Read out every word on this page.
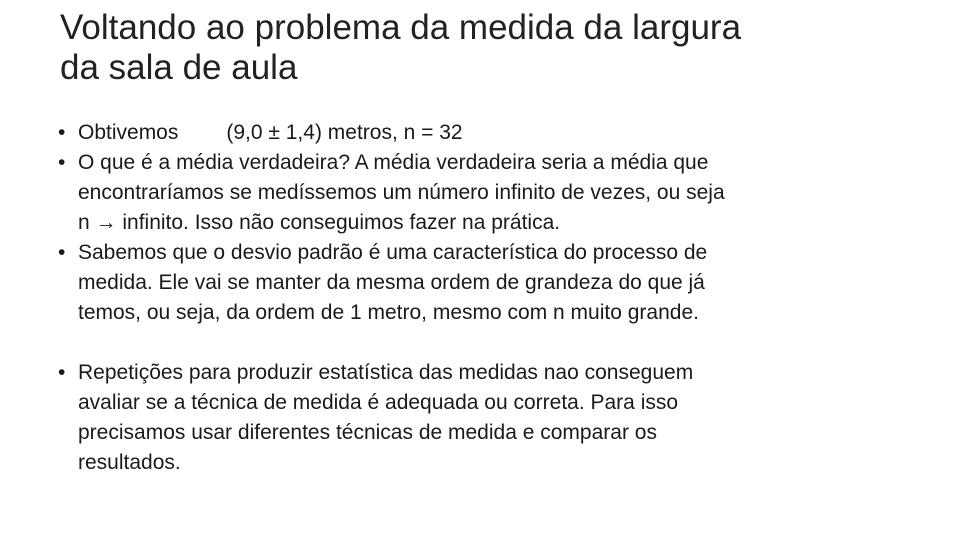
Voltando ao problema da medida da largura
da sala de aula
• Obtivemos (9,0 ± 1,4) metros, n = 32
• O que é a média verdadeira? A média verdadeira seria a média que
encontraríamos se medíssemos um número infinito de vezes, ou seja
n → infinito. Isso não conseguimos fazer na prática.
• Sabemos que o desvio padrão é uma característica do processo de
medida. Ele vai se manter da mesma ordem de grandeza do que já
temos, ou seja, da ordem de 1 metro, mesmo com n muito grande.
• Repetições para produzir estatística das medidas nao conseguem
avaliar se a técnica de medida é adequada ou correta. Para isso
precisamos usar diferentes técnicas de medida e comparar os
resultados.
